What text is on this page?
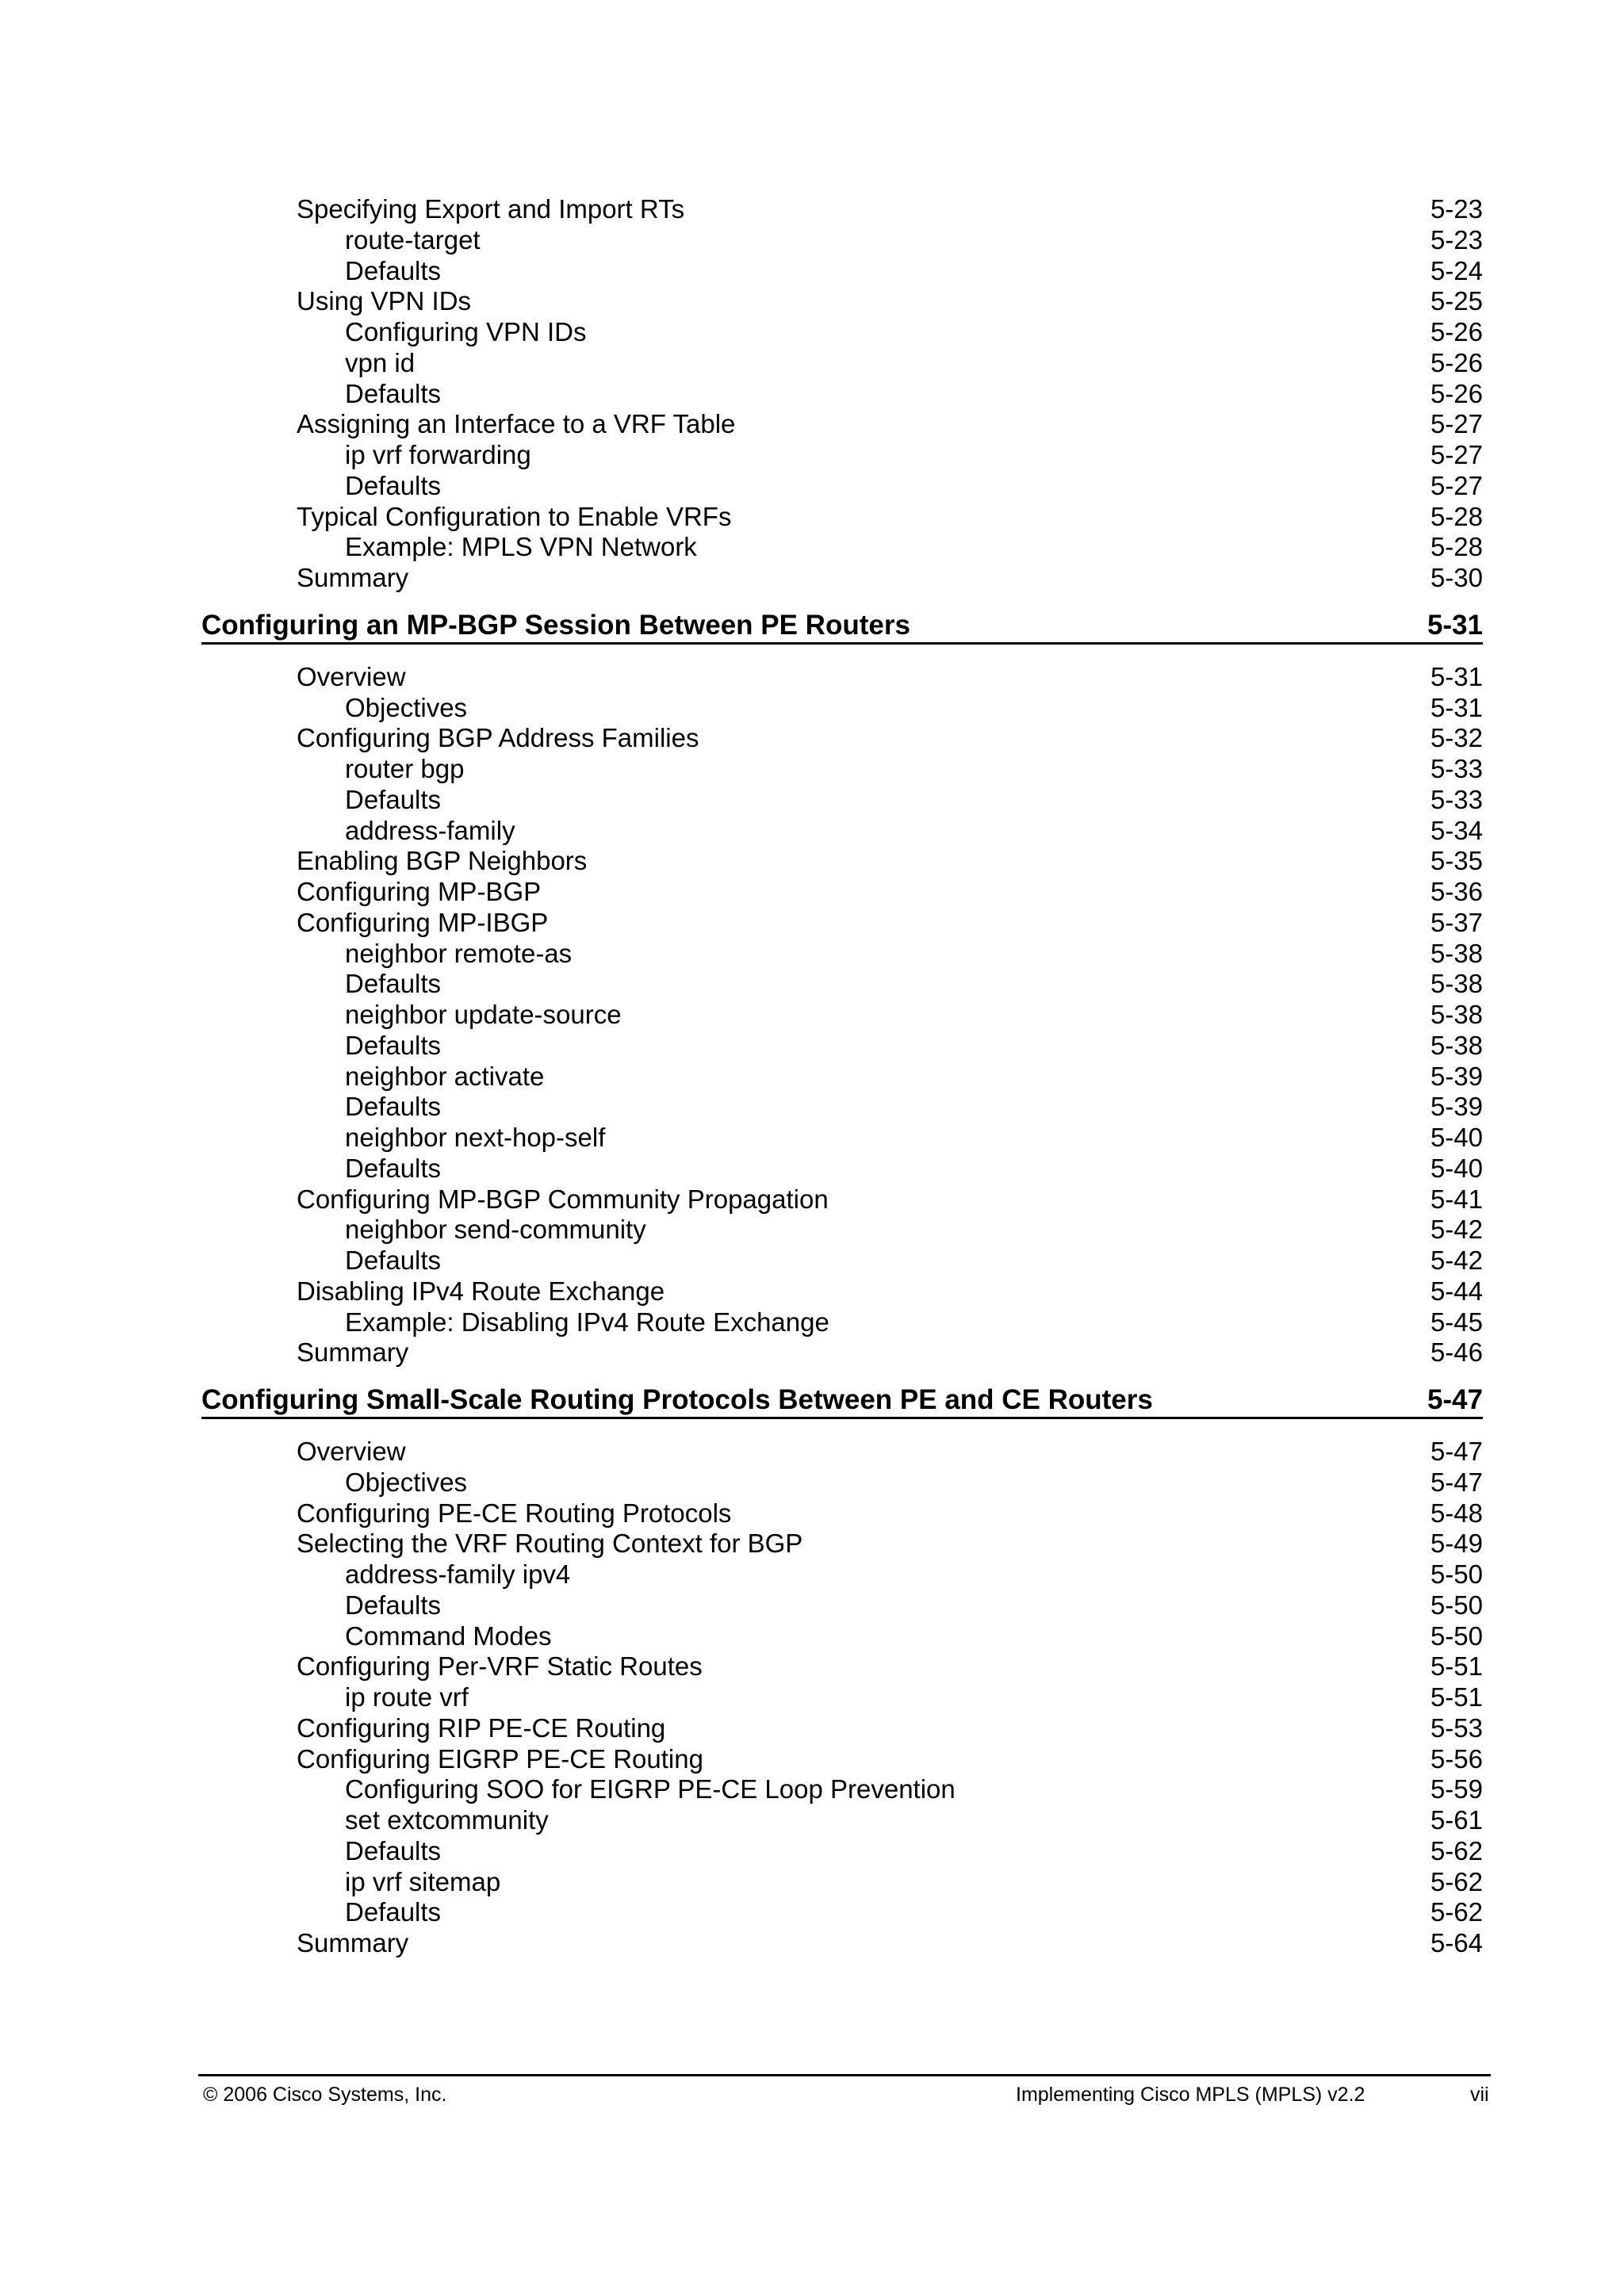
Specifying Export and Import RTs	5-23
route-target	5-23
Defaults	5-24
Using VPN IDs	5-25
Configuring VPN IDs	5-26
vpn id	5-26
Defaults	5-26
Assigning an Interface to a VRF Table	5-27
ip vrf forwarding	5-27
Defaults	5-27
Typical Configuration to Enable VRFs	5-28
Example: MPLS VPN Network	5-28
Summary	5-30
Configuring an MP-BGP Session Between PE Routers	5-31
Overview	5-31
Objectives	5-31
Configuring BGP Address Families	5-32
router bgp	5-33
Defaults	5-33
address-family	5-34
Enabling BGP Neighbors	5-35
Configuring MP-BGP	5-36
Configuring MP-IBGP	5-37
neighbor remote-as	5-38
Defaults	5-38
neighbor update-source	5-38
Defaults	5-38
neighbor activate	5-39
Defaults	5-39
neighbor next-hop-self	5-40
Defaults	5-40
Configuring MP-BGP Community Propagation	5-41
neighbor send-community	5-42
Defaults	5-42
Disabling IPv4 Route Exchange	5-44
Example: Disabling IPv4 Route Exchange	5-45
Summary	5-46
Configuring Small-Scale Routing Protocols Between PE and CE Routers	5-47
Overview	5-47
Objectives	5-47
Configuring PE-CE Routing Protocols	5-48
Selecting the VRF Routing Context for BGP	5-49
address-family ipv4	5-50
Defaults	5-50
Command Modes	5-50
Configuring Per-VRF Static Routes	5-51
ip route vrf	5-51
Configuring RIP PE-CE Routing	5-53
Configuring EIGRP PE-CE Routing	5-56
Configuring SOO for EIGRP PE-CE Loop Prevention	5-59
set extcommunity	5-61
Defaults	5-62
ip vrf sitemap	5-62
Defaults	5-62
Summary	5-64
© 2006 Cisco Systems, Inc.	Implementing Cisco MPLS (MPLS) v2.2	vii
